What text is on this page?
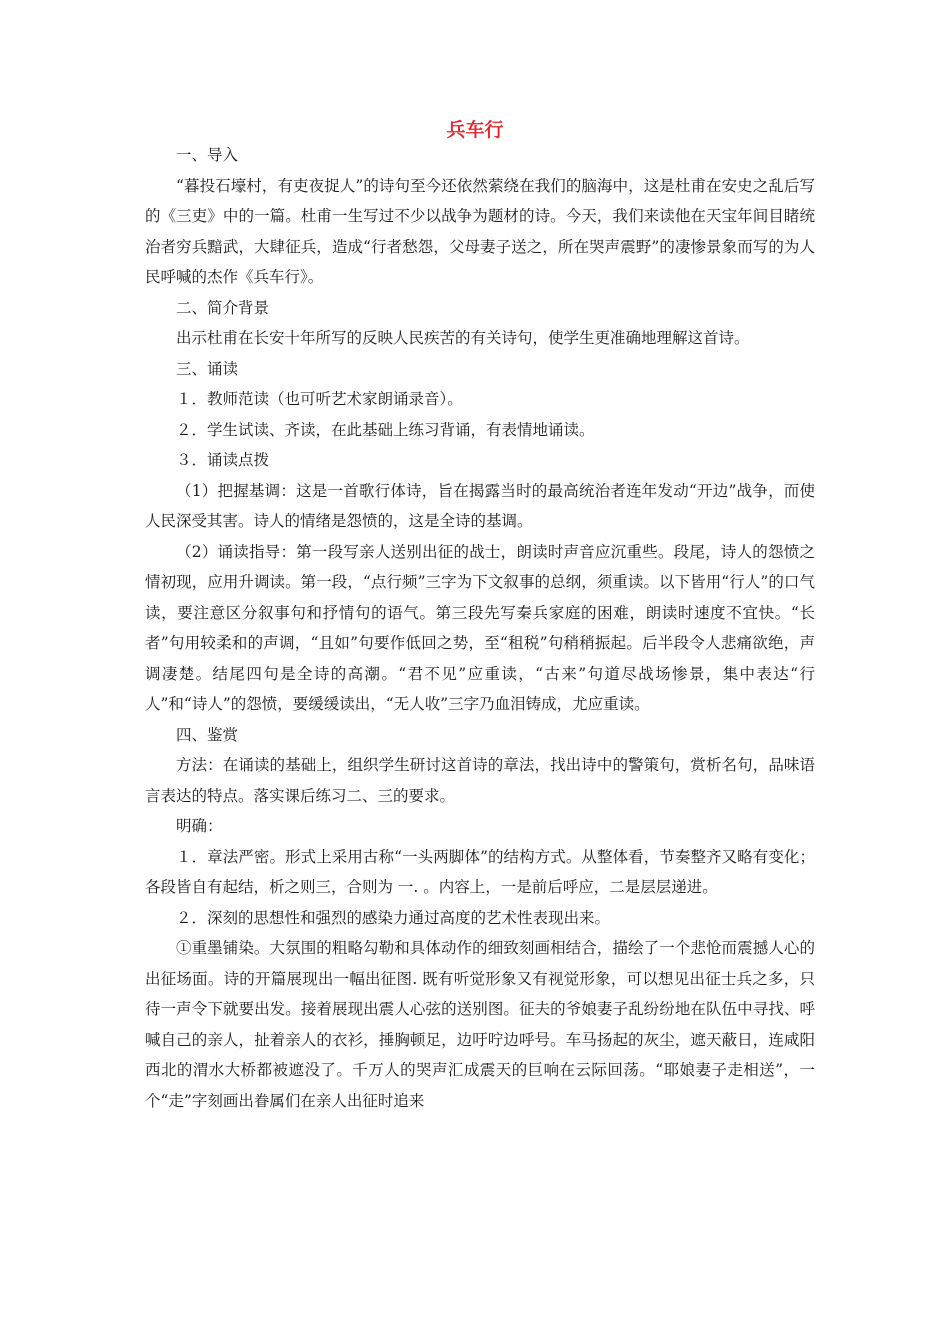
兵车行

一、导入

“暮投石壕村，有吏夜捉人”的诗句至今还依然萦绕在我们的脑海中，这是杜甫在安史之乱后写的《三吏》中的一篇。杜甫一生写过不少以战争为题材的诗。今天，我们来读他在天宝年间目睹统治者穷兵黯武，大肆征兵，造成“行者愁怨，父母妻子送之，所在哭声震野”的凄惨景象而写的为人民呼喊的杰作《兵车行》。

二、简介背景

出示杜甫在长安十年所写的反映人民疾苦的有关诗句，使学生更准确地理解这首诗。

三、诵读

１．教师范读（也可听艺术家朗诵录音）。

２．学生试读、齐读，在此基础上练习背诵，有表情地诵读。

３．诵读点拨

（1）把握基调：这是一首歌行体诗，旨在揭露当时的最高统治者连年发动“开边”战争，而使人民深受其害。诗人的情绪是怨愤的，这是全诗的基调。

（2）诵读指导：第一段写亲人送别出征的战士，朗读时声音应沉重些。段尾，诗人的怨愤之情初现，应用升调读。第一段，“点行频”三字为下文叙事的总纲，须重读。以下皆用“行人”的口气读，要注意区分叙事句和抒情句的语气。第三段先写秦兵家庭的困难，朗读时速度不宜快。“长者”句用较柔和的声调，“且如”句要作低回之势，至“租税”句稍稍振起。后半段令人悲痛欲绝，声调凄楚。结尾四句是全诗的高潮。“君不见”应重读，“古来”句道尽战场惨景，集中表达“行人”和“诗人”的怨愤，要缓缓读出，“无人收”三字乃血泪铸成，尤应重读。

四、鉴赏

方法：在诵读的基础上，组织学生研讨这首诗的章法，找出诗中的警策句，赏析名句，品味语言表达的特点。落实课后练习二、三的要求。

明确：

１．章法严密。形式上采用古称“一头两脚体”的结构方式。从整体看，节奏整齐又略有变化；各段皆自有起结，析之则三，合则为 一. 。内容上，一是前后呼应，二是层层递进。

２．深刻的思想性和强烈的感染力通过高度的艺术性表现出来。

①重墨铺染。大氛围的粗略勾勒和具体动作的细致刻画相结合，描绘了一个悲怆而震撼人心的出征场面。诗的开篇展现出一幅出征图. 既有听觉形象又有视觉形象，可以想见出征士兵之多，只待一声令下就要出发。接着展现出震人心弦的送别图。征夫的爷娘妻子乱纷纷地在队伍中寻找、呼喊自己的亲人，扯着亲人的衣衫，捶胸顿足，边吁咛边呼号。车马扬起的灰尘，遮天蔽日，连咸阳西北的渭水大桥都被遮没了。千万人的哭声汇成震天的巨响在云际回荡。“耶娘妻子走相送”，一个“走”字刻画出眷属们在亲人出征时追来
